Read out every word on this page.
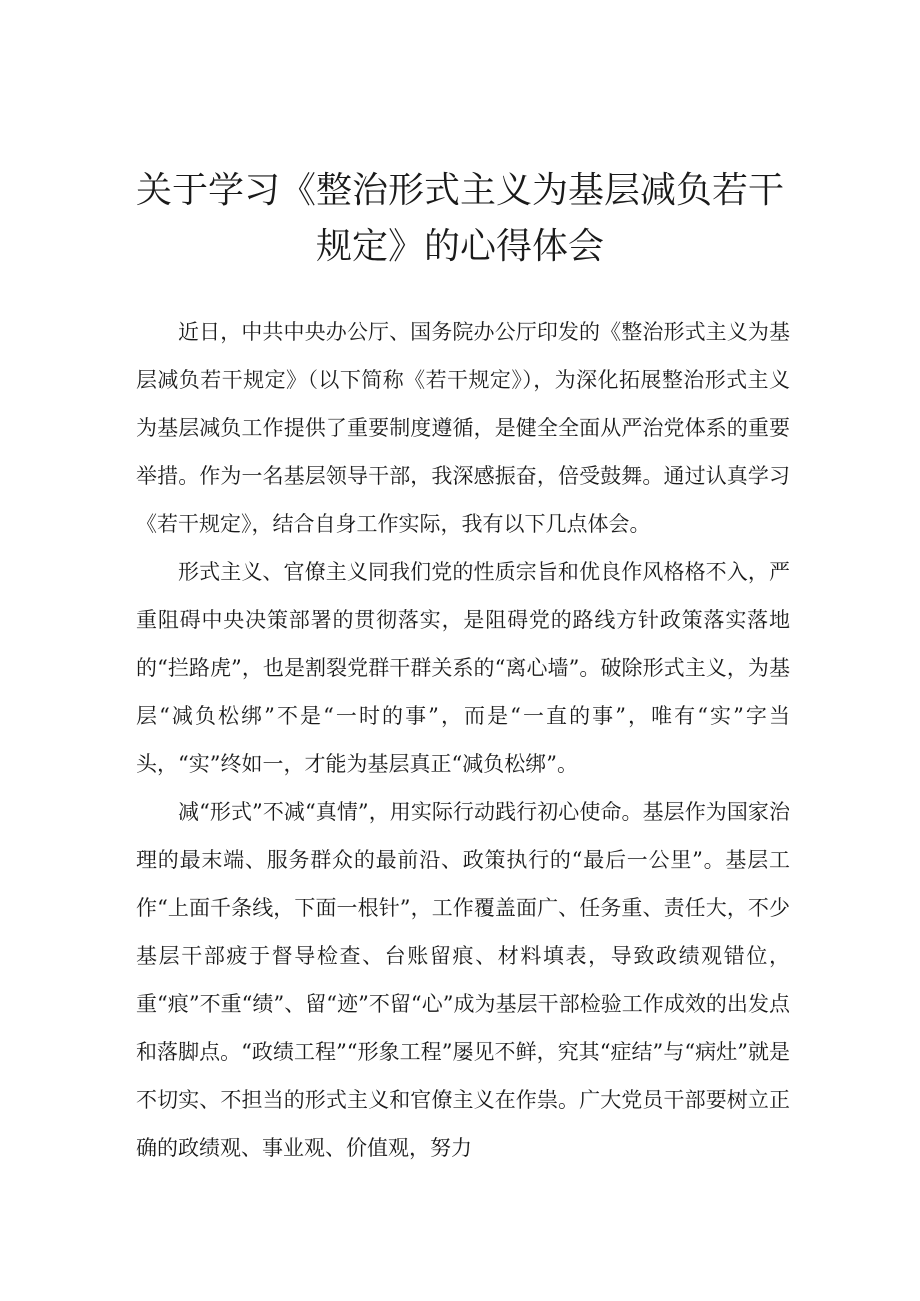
关于学习《整治形式主义为基层减负若干
规定》的心得体会

近日，中共中央办公厅、国务院办公厅印发的《整治形式主义为基层减负若干规定》（以下简称《若干规定》），为深化拓展整治形式主义为基层减负工作提供了重要制度遵循，是健全全面从严治党体系的重要举措。作为一名基层领导干部，我深感振奋，倍受鼓舞。通过认真学习《若干规定》，结合自身工作实际，我有以下几点体会。

形式主义、官僚主义同我们党的性质宗旨和优良作风格格不入，严重阻碍中央决策部署的贯彻落实，是阻碍党的路线方针政策落实落地的“拦路虎”，也是割裂党群干群关系的“离心墙”。破除形式主义，为基层“减负松绑”不是“一时的事”，而是“一直的事”，唯有“实”字当头，“实”终如一，才能为基层真正“减负松绑”。

减“形式”不减“真情”，用实际行动践行初心使命。基层作为国家治理的最末端、服务群众的最前沿、政策执行的“最后一公里”。基层工作“上面千条线，下面一根针”，工作覆盖面广、任务重、责任大，不少基层干部疲于督导检查、台账留痕、材料填表，导致政绩观错位，重“痕”不重“绩”、留“迹”不留“心”成为基层干部检验工作成效的出发点和落脚点。“政绩工程”“形象工程”屡见不鲜，究其“症结”与“病灶”就是不切实、不担当的形式主义和官僚主义在作祟。广大党员干部要树立正确的政绩观、事业观、价值观，努力
